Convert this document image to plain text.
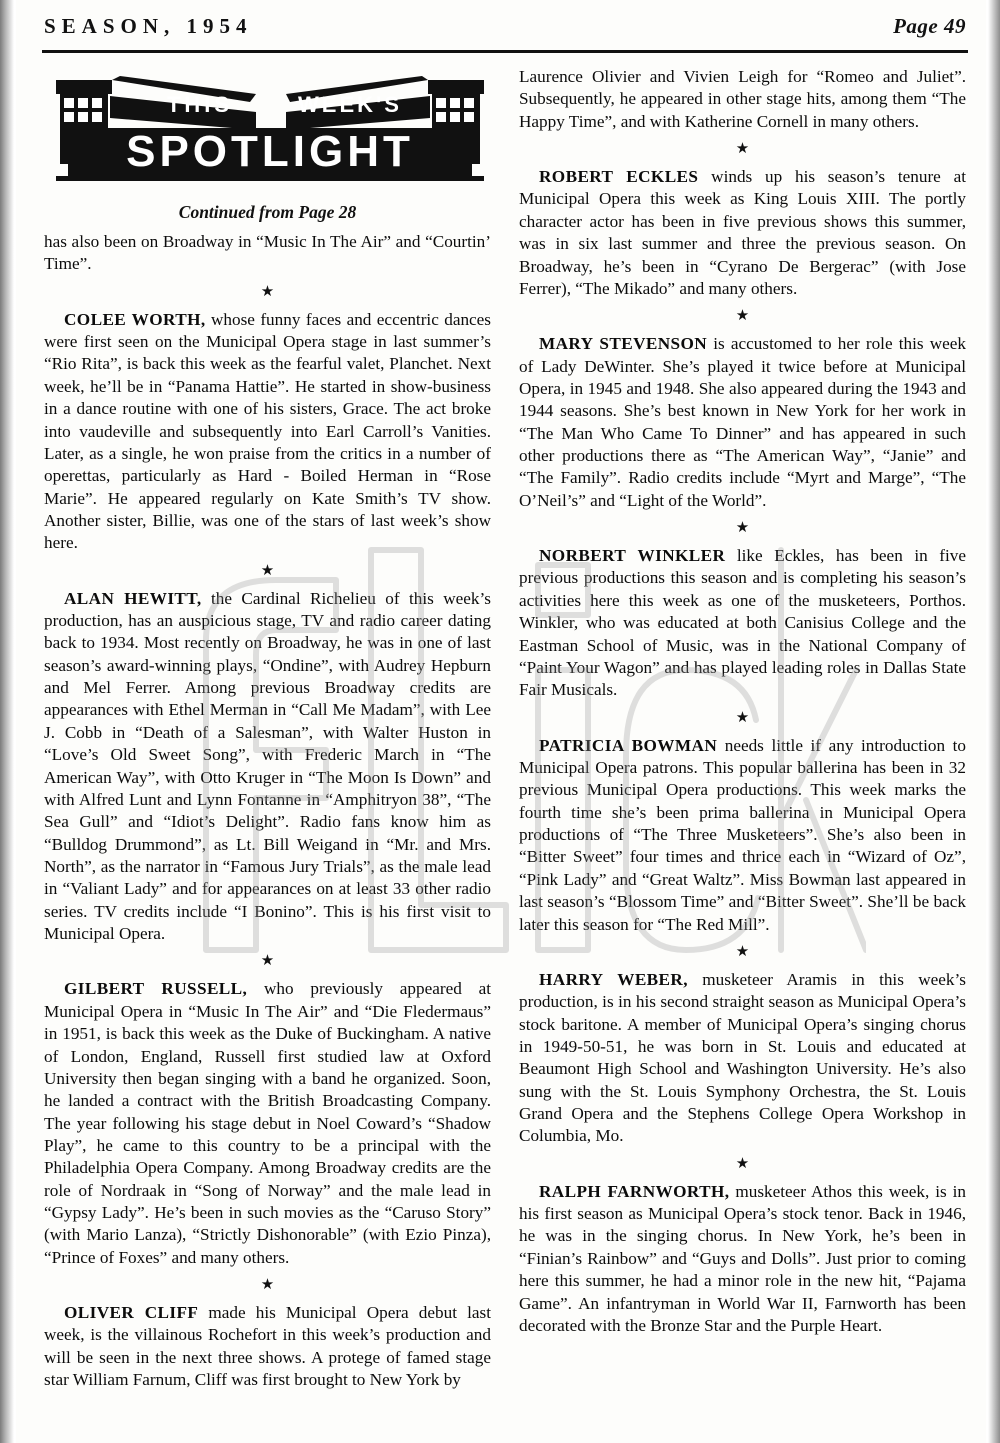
SEASON, 1954	Page 49
THIS	WEEK'S
SPOTLIGHT
Continued from Page 28

has also been on Broadway in “Music In The Air” and “Courtin’ Time”.

★

COLEE WORTH, whose funny faces and eccentric dances were first seen on the Municipal Opera stage in last summer’s “Rio Rita”, is back this week as the fearful valet, Planchet. Next week, he’ll be in “Panama Hattie”. He started in show-business in a dance routine with one of his sisters, Grace. The act broke into vaudeville and subsequently into Earl Carroll’s Vanities. Later, as a single, he won praise from the critics in a number of operettas, particularly as Hard - Boiled Herman in “Rose Marie”. He appeared regularly on Kate Smith’s TV show. Another sister, Billie, was one of the stars of last week’s show here.

★

ALAN HEWITT, the Cardinal Richelieu of this week’s production, has an auspicious stage, TV and radio career dating back to 1934. Most recently on Broadway, he was in one of last season’s award-winning plays, “Ondine”, with Audrey Hepburn and Mel Ferrer. Among previous Broadway credits are appearances with Ethel Merman in “Call Me Madam”, with Lee J. Cobb in “Death of a Salesman”, with Walter Huston in “Love’s Old Sweet Song”, with Frederic March in “The American Way”, with Otto Kruger in “The Moon Is Down” and with Alfred Lunt and Lynn Fontanne in “Amphitryon 38”, “The Sea Gull” and “Idiot’s Delight”. Radio fans know him as “Bulldog Drummond”, as Lt. Bill Weigand in “Mr. and Mrs. North”, as the narrator in “Famous Jury Trials”, as the male lead in “Valiant Lady” and for appearances on at least 33 other radio series. TV credits include “I Bonino”. This is his first visit to Municipal Opera.

★

GILBERT RUSSELL, who previously appeared at Municipal Opera in “Music In The Air” and “Die Fledermaus” in 1951, is back this week as the Duke of Buckingham. A native of London, England, Russell first studied law at Oxford University then began singing with a band he organized. Soon, he landed a contract with the British Broadcasting Company. The year following his stage debut in Noel Coward’s “Shadow Play”, he came to this country to be a principal with the Philadelphia Opera Company. Among Broadway credits are the role of Nordraak in “Song of Norway” and the male lead in “Gypsy Lady”. He’s been in such movies as the “Caruso Story” (with Mario Lanza), “Strictly Dishonorable” (with Ezio Pinza), “Prince of Foxes” and many others.

★

OLIVER CLIFF made his Municipal Opera debut last week, is the villainous Rochefort in this week’s production and will be seen in the next three shows. A protege of famed stage star William Farnum, Cliff was first brought to New York by

Laurence Olivier and Vivien Leigh for “Romeo and Juliet”. Subsequently, he appeared in other stage hits, among them “The Happy Time”, and with Katherine Cornell in many others.

★

ROBERT ECKLES winds up his season’s tenure at Municipal Opera this week as King Louis XIII. The portly character actor has been in five previous shows this summer, was in six last summer and three the previous season. On Broadway, he’s been in “Cyrano De Bergerac” (with Jose Ferrer), “The Mikado” and many others.

★

MARY STEVENSON is accustomed to her role this week of Lady DeWinter. She’s played it twice before at Municipal Opera, in 1945 and 1948. She also appeared during the 1943 and 1944 seasons. She’s best known in New York for her work in “The Man Who Came To Dinner” and has appeared in such other productions there as “The American Way”, “Janie” and “The Family”. Radio credits include “Myrt and Marge”, “The O’Neil’s” and “Light of the World”.

★

NORBERT WINKLER like Eckles, has been in five previous productions this season and is completing his season’s activities here this week as one of the musketeers, Porthos. Winkler, who was educated at both Canisius College and the Eastman School of Music, was in the National Company of “Paint Your Wagon” and has played leading roles in Dallas State Fair Musicals.

★

PATRICIA BOWMAN needs little if any introduction to Municipal Opera patrons. This popular ballerina has been in 32 previous Municipal Opera productions. This week marks the fourth time she’s been prima ballerina in Municipal Opera productions of “The Three Musketeers”. She’s also been in “Bitter Sweet” four times and thrice each in “Wizard of Oz”, “Pink Lady” and “Great Waltz”. Miss Bowman last appeared in last season’s “Blossom Time” and “Bitter Sweet”. She’ll be back later this season for “The Red Mill”.

★

HARRY WEBER, musketeer Aramis in this week’s production, is in his second straight season as Municipal Opera’s stock baritone. A member of Municipal Opera’s singing chorus in 1949-50-51, he was born in St. Louis and educated at Beaumont High School and Washington University. He’s also sung with the St. Louis Symphony Orchestra, the St. Louis Grand Opera and the Stephens College Opera Workshop in Columbia, Mo.

★

RALPH FARNWORTH, musketeer Athos this week, is in his first season as Municipal Opera’s stock tenor. Back in 1946, he was in the singing chorus. In New York, he’s been in “Finian’s Rainbow” and “Guys and Dolls”. Just prior to coming here this summer, he had a minor role in the new hit, “Pajama Game”. An infantryman in World War II, Farnworth has been decorated with the Bronze Star and the Purple Heart.
